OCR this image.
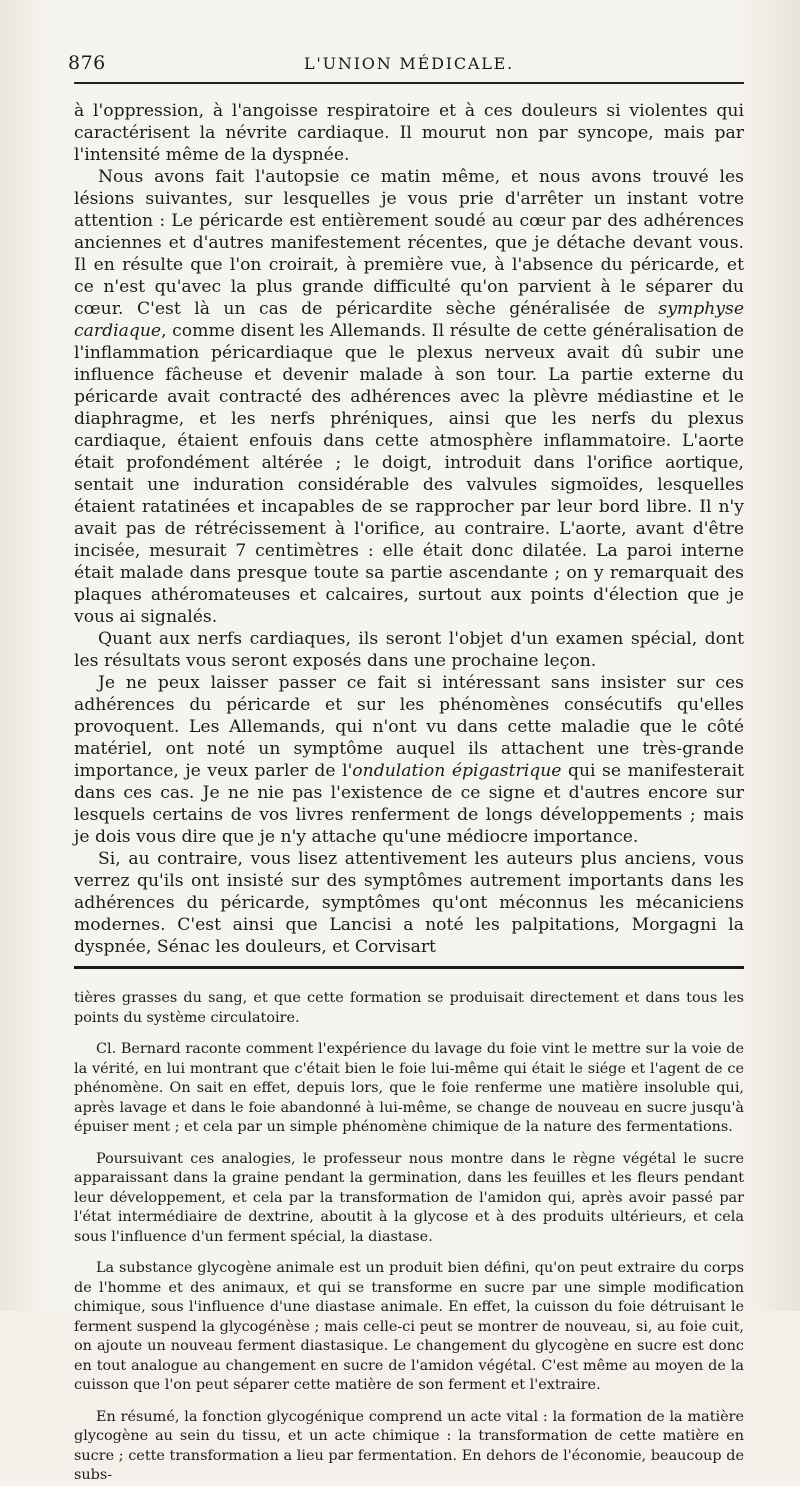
876	L'UNION MÉDICALE.

à l'oppression, à l'angoisse respiratoire et à ces douleurs si violentes qui caractérisent la névrite cardiaque. Il mourut non par syncope, mais par l'intensité même de la dyspnée.

Nous avons fait l'autopsie ce matin même, et nous avons trouvé les lésions suivantes, sur lesquelles je vous prie d'arrêter un instant votre attention : Le péricarde est entièrement soudé au cœur par des adhérences anciennes et d'autres manifestement récentes, que je détache devant vous. Il en résulte que l'on croirait, à première vue, à l'absence du péricarde, et ce n'est qu'avec la plus grande difficulté qu'on parvient à le séparer du cœur. C'est là un cas de péricardite sèche généralisée de symphyse cardiaque, comme disent les Allemands. Il résulte de cette généralisation de l'inflammation péricardiaque que le plexus nerveux avait dû subir une influence fâcheuse et devenir malade à son tour. La partie externe du péricarde avait contracté des adhérences avec la plèvre médiastine et le diaphragme, et les nerfs phréniques, ainsi que les nerfs du plexus cardiaque, étaient enfouis dans cette atmosphère inflammatoire. L'aorte était profondément altérée ; le doigt, introduit dans l'orifice aortique, sentait une induration considérable des valvules sigmoïdes, lesquelles étaient ratatinées et incapables de se rapprocher par leur bord libre. Il n'y avait pas de rétrécissement à l'orifice, au contraire. L'aorte, avant d'être incisée, mesurait 7 centimètres : elle était donc dilatée. La paroi interne était malade dans presque toute sa partie ascendante ; on y remarquait des plaques athéromateuses et calcaires, surtout aux points d'élection que je vous ai signalés.

Quant aux nerfs cardiaques, ils seront l'objet d'un examen spécial, dont les résultats vous seront exposés dans une prochaine leçon.

Je ne peux laisser passer ce fait si intéressant sans insister sur ces adhérences du péricarde et sur les phénomènes consécutifs qu'elles provoquent. Les Allemands, qui n'ont vu dans cette maladie que le côté matériel, ont noté un symptôme auquel ils attachent une très-grande importance, je veux parler de l'ondulation épigastrique qui se manifesterait dans ces cas. Je ne nie pas l'existence de ce signe et d'autres encore sur lesquels certains de vos livres renferment de longs développements ; mais je dois vous dire que je n'y attache qu'une médiocre importance.

Si, au contraire, vous lisez attentivement les auteurs plus anciens, vous verrez qu'ils ont insisté sur des symptômes autrement importants dans les adhérences du péricarde, symptômes qu'ont méconnus les mécaniciens modernes. C'est ainsi que Lancisi a noté les palpitations, Morgagni la dyspnée, Sénac les douleurs, et Corvisart

tières grasses du sang, et que cette formation se produisait directement et dans tous les points du système circulatoire.

Cl. Bernard raconte comment l'expérience du lavage du foie vint le mettre sur la voie de la vérité, en lui montrant que c'était bien le foie lui-même qui était le siége et l'agent de ce phénomène. On sait en effet, depuis lors, que le foie renferme une matière insoluble qui, après lavage et dans le foie abandonné à lui-même, se change de nouveau en sucre jusqu'à épuiser ment ; et cela par un simple phénomène chimique de la nature des fermentations.

Poursuivant ces analogies, le professeur nous montre dans le règne végétal le sucre apparaissant dans la graine pendant la germination, dans les feuilles et les fleurs pendant leur développement, et cela par la transformation de l'amidon qui, après avoir passé par l'état intermédiaire de dextrine, aboutit à la glycose et à des produits ultérieurs, et cela sous l'influence d'un ferment spécial, la diastase.

La substance glycogène animale est un produit bien défini, qu'on peut extraire du corps de l'homme et des animaux, et qui se transforme en sucre par une simple modification chimique, sous l'influence d'une diastase animale. En effet, la cuisson du foie détruisant le ferment suspend la glycogénèse ; mais celle-ci peut se montrer de nouveau, si, au foie cuit, on ajoute un nouveau ferment diastasique. Le changement du glycogène en sucre est donc en tout analogue au changement en sucre de l'amidon végétal. C'est même au moyen de la cuisson que l'on peut séparer cette matière de son ferment et l'extraire.

En résumé, la fonction glycogénique comprend un acte vital : la formation de la matière glycogène au sein du tissu, et un acte chimique : la transformation de cette matière en sucre ; cette transformation a lieu par fermentation. En dehors de l'économie, beaucoup de subs-
